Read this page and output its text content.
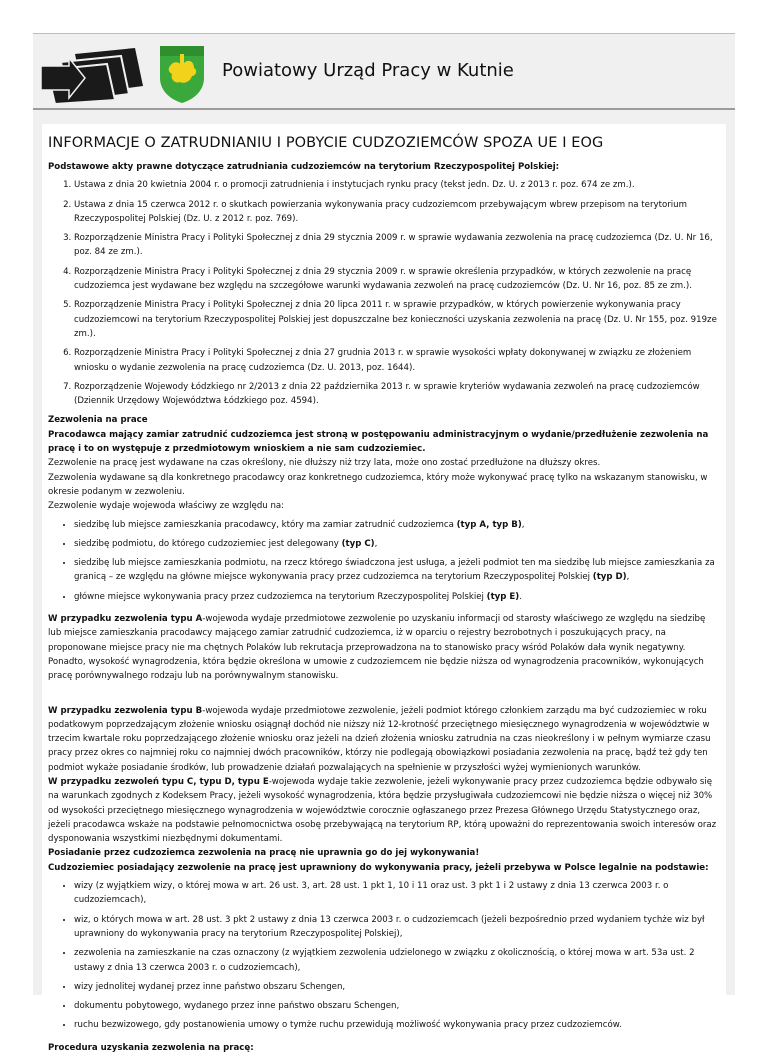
Powiatowy Urząd Pracy w Kutnie
INFORMACJE O ZATRUDNIANIU I POBYCIE CUDZOZIEMCÓW SPOZA UE I EOG

Podstawowe akty prawne dotyczące zatrudniania cudzoziemców na terytorium Rzeczypospolitej Polskiej:

1. Ustawa z dnia 20 kwietnia 2004 r. o promocji zatrudnienia i instytucjach rynku pracy (tekst jedn. Dz. U. z 2013 r. poz. 674 ze zm.).
2. Ustawa z dnia 15 czerwca 2012 r. o skutkach powierzania wykonywania pracy cudzoziemcom przebywającym wbrew przepisom na terytorium Rzeczypospolitej Polskiej (Dz. U. z 2012 r. poz. 769).
3. Rozporządzenie Ministra Pracy i Polityki Społecznej z dnia 29 stycznia 2009 r. w sprawie wydawania zezwolenia na pracę cudzoziemca (Dz. U. Nr 16, poz. 84 ze zm.).
4. Rozporządzenie Ministra Pracy i Polityki Społecznej z dnia 29 stycznia 2009 r. w sprawie określenia przypadków, w których zezwolenie na pracę cudzoziemca jest wydawane bez względu na szczegółowe warunki wydawania zezwoleń na pracę cudzoziemców (Dz. U. Nr 16, poz. 85 ze zm.).
5. Rozporządzenie Ministra Pracy i Polityki Społecznej z dnia 20 lipca 2011 r. w sprawie przypadków, w których powierzenie wykonywania pracy cudzoziemcowi na terytorium Rzeczypospolitej Polskiej jest dopuszczalne bez konieczności uzyskania zezwolenia na pracę (Dz. U. Nr 155, poz. 919ze zm.).
6. Rozporządzenie Ministra Pracy i Polityki Społecznej z dnia 27 grudnia 2013 r. w sprawie wysokości wpłaty dokonywanej w związku ze złożeniem wniosku o wydanie zezwolenia na pracę cudzoziemca (Dz. U. 2013, poz. 1644).
7. Rozporządzenie Wojewody Łódzkiego nr 2/2013 z dnia 22 października 2013 r. w sprawie kryteriów wydawania zezwoleń na pracę cudzoziemców (Dziennik Urzędowy Województwa Łódzkiego poz. 4594).

Zezwolenia na prace

Pracodawca mający zamiar zatrudnić cudzoziemca jest stroną w postępowaniu administracyjnym o wydanie/przedłużenie zezwolenia na pracę i to on występuje z przedmiotowym wnioskiem a nie sam cudzoziemiec.

Zezwolenie na pracę jest wydawane na czas określony, nie dłuższy niż trzy lata, może ono zostać przedłużone na dłuższy okres.

Zezwolenia wydawane są dla konkretnego pracodawcy oraz konkretnego cudzoziemca, który może wykonywać pracę tylko na wskazanym stanowisku, w okresie podanym w zezwoleniu.

Zezwolenie wydaje wojewoda właściwy ze względu na:

• siedzibę lub miejsce zamieszkania pracodawcy, który ma zamiar zatrudnić cudzoziemca (typ A, typ B),
• siedzibę podmiotu, do którego cudzoziemiec jest delegowany (typ C),
• siedzibę lub miejsce zamieszkania podmiotu, na rzecz którego świadczona jest usługa, a jeżeli podmiot ten ma siedzibę lub miejsce zamieszkania za granicą – ze względu na główne miejsce wykonywania pracy przez cudzoziemca na terytorium Rzeczypospolitej Polskiej (typ D),
• główne miejsce wykonywania pracy przez cudzoziemca na terytorium Rzeczypospolitej Polskiej (typ E).

W przypadku zezwolenia typu A-wojewoda wydaje przedmiotowe zezwolenie po uzyskaniu informacji od starosty właściwego ze względu na siedzibę lub miejsce zamieszkania pracodawcy mającego zamiar zatrudnić cudzoziemca, iż w oparciu o rejestry bezrobotnych i poszukujących pracy, na proponowane miejsce pracy nie ma chętnych Polaków lub rekrutacja przeprowadzona na to stanowisko pracy wśród Polaków dała wynik negatywny. Ponadto, wysokość wynagrodzenia, która będzie określona w umowie z cudzoziemcem nie będzie niższa od wynagrodzenia pracowników, wykonujących pracę porównywalnego rodzaju lub na porównywalnym stanowisku.

W przypadku zezwolenia typu B-wojewoda wydaje przedmiotowe zezwolenie, jeżeli podmiot którego członkiem zarządu ma być cudzoziemiec w roku podatkowym poprzedzającym złożenie wniosku osiągnął dochód nie niższy niż 12-krotność przeciętnego miesięcznego wynagrodzenia w województwie w trzecim kwartale roku poprzedzającego złożenie wniosku oraz jeżeli na dzień złożenia wniosku zatrudnia na czas nieokreślony i w pełnym wymiarze czasu pracy przez okres co najmniej roku co najmniej dwóch pracowników, którzy nie podlegają obowiązkowi posiadania zezwolenia na pracę, bądź też gdy ten podmiot wykaże posiadanie środków, lub prowadzenie działań pozwalających na spełnienie w przyszłości wyżej wymienionych warunków.

W przypadku zezwoleń typu C, typu D, typu E-wojewoda wydaje takie zezwolenie, jeżeli wykonywanie pracy przez cudzoziemca będzie odbywało się na warunkach zgodnych z Kodeksem Pracy, jeżeli wysokość wynagrodzenia, która będzie przysługiwała cudzoziemcowi nie będzie niższa o więcej niż 30% od wysokości przeciętnego miesięcznego wynagrodzenia w województwie corocznie ogłaszanego przez Prezesa Głównego Urzędu Statystycznego oraz, jeżeli pracodawca wskaże na podstawie pełnomocnictwa osobę przebywającą na terytorium RP, którą upoważni do reprezentowania swoich interesów oraz dysponowania wszystkimi niezbędnymi dokumentami.

Posiadanie przez cudzoziemca zezwolenia na pracę nie uprawnia go do jej wykonywania!

Cudzoziemiec posiadający zezwolenie na pracę jest uprawniony do wykonywania pracy, jeżeli przebywa w Polsce legalnie na podstawie:

• wizy (z wyjątkiem wizy, o której mowa w art. 26 ust. 3, art. 28 ust. 1 pkt 1, 10 i 11 oraz ust. 3 pkt 1 i 2 ustawy z dnia 13 czerwca 2003 r. o cudzoziemcach),
• wiz, o których mowa w art. 28 ust. 3 pkt 2 ustawy z dnia 13 czerwca 2003 r. o cudzoziemcach (jeżeli bezpośrednio przed wydaniem tychże wiz był uprawniony do wykonywania pracy na terytorium Rzeczypospolitej Polskiej),
• zezwolenia na zamieszkanie na czas oznaczony (z wyjątkiem zezwolenia udzielonego w związku z okolicznością, o której mowa w art. 53a ust. 2 ustawy z dnia 13 czerwca 2003 r. o cudzoziemcach),
• wizy jednolitej wydanej przez inne państwo obszaru Schengen,
• dokumentu pobytowego, wydanego przez inne państwo obszaru Schengen,
• ruchu bezwizowego, gdy postanowienia umowy o tymże ruchu przewidują możliwość wykonywania pracy przez cudzoziemców.

Procedura uzyskania zezwolenia na pracę:
